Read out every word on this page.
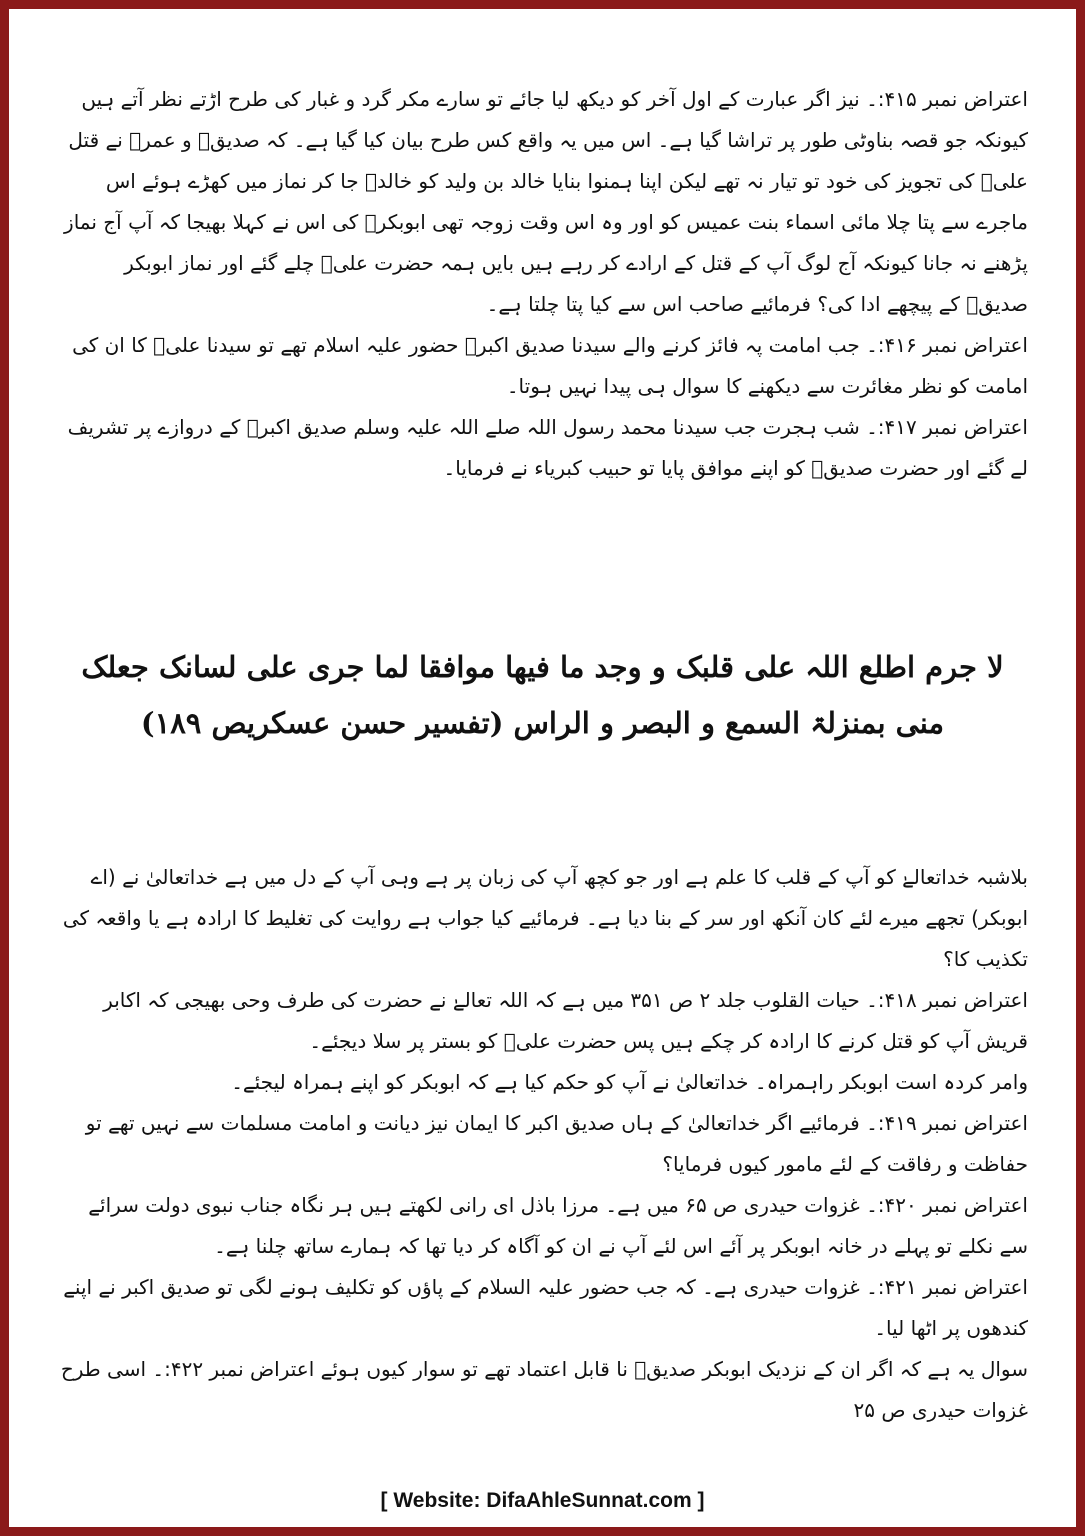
اعتراض نمبر ۴۱۵:۔ نیز اگر عبارت کے اول آخر کو دیکھ لیا جائے تو سارے مکر گرد و غبار کی طرح اڑتے نظر آتے ہیں کیونکہ جو قصہ بناوٹی طور پر تراشا گیا ہے۔ اس میں یہ واقع کس طرح بیان کیا گیا ہے۔ کہ صدیقؓ و عمرؓ نے قتل علیؓ کی تجویز کی خود تو تیار نہ تھے لیکن اپنا ہمنوا بنایا خالد بن ولید کو خالدؓ جا کر نماز میں کھڑے ہوئے اس ماجرے سے پتا چلا مائی اسماء بنت عمیس کو اور وہ اس وقت زوجہ تھی ابوبکرؓ کی اس نے کہلا بھیجا کہ آپ آج نماز پڑھنے نہ جانا کیونکہ آج لوگ آپ کے قتل کے ارادے کر رہے ہیں بایں ہمہ حضرت علیؓ چلے گئے اور نماز ابوبکر صدیقؓ کے پیچھے ادا کی؟ فرمائیے صاحب اس سے کیا پتا چلتا ہے۔

اعتراض نمبر ۴۱۶:۔ جب امامت پہ فائز کرنے والے سیدنا صدیق اکبرؓ حضور علیہ اسلام تھے تو سیدنا علیؓ کا ان کی امامت کو نظر مغائرت سے دیکھنے کا سوال ہی پیدا نہیں ہوتا۔

اعتراض نمبر ۴۱۷:۔ شب ہجرت جب سیدنا محمد رسول اللہ صلے اللہ علیہ وسلم صدیق اکبرؓ کے دروازے پر تشریف لے گئے اور حضرت صدیقؓ کو اپنے موافق پایا تو حبیب کبریاء نے فرمایا۔

لا جرم اطلع اللہ علی قلبک و وجد ما فیھا موافقا لما جری علی لسانک جعلک
منی بمنزلۃ السمع و البصر و الراس (تفسیر حسن عسکریص ۱۸۹)

بلاشبہ خداتعالےٰ کو آپ کے قلب کا علم ہے اور جو کچھ آپ کی زبان پر ہے وہی آپ کے دل میں ہے خداتعالیٰ نے (اے ابوبکر) تجھے میرے لئے کان آنکھ اور سر کے بنا دیا ہے۔ فرمائیے کیا جواب ہے روایت کی تغلیط کا ارادہ ہے یا واقعہ کی تکذیب کا؟

اعتراض نمبر ۴۱۸:۔ حیات القلوب جلد ۲ ص ۳۵۱ میں ہے کہ اللہ تعالےٰ نے حضرت کی طرف وحی بھیجی کہ اکابر قریش آپ کو قتل کرنے کا ارادہ کر چکے ہیں پس حضرت علیؓ کو بستر پر سلا دیجئے۔

وامر کردہ است ابوبکر راہمراہ۔ خداتعالیٰ نے آپ کو حکم کیا ہے کہ ابوبکر کو اپنے ہمراہ لیجئے۔

اعتراض نمبر ۴۱۹:۔ فرمائیے اگر خداتعالیٰ کے ہاں صدیق اکبر کا ایمان نیز دیانت و امامت مسلمات سے نہیں تھے تو حفاظت و رفاقت کے لئے مامور کیوں فرمایا؟

اعتراض نمبر ۴۲۰:۔ غزوات حیدری ص ۶۵ میں ہے۔ مرزا باذل ای رانی لکھتے ہیں ہر نگاہ جناب نبوی دولت سرائے سے نکلے تو پہلے در خانہ ابوبکر پر آئے اس لئے آپ نے ان کو آگاہ کر دیا تھا کہ ہمارے ساتھ چلنا ہے۔

اعتراض نمبر ۴۲۱:۔ غزوات حیدری ہے۔ کہ جب حضور علیہ السلام کے پاؤں کو تکلیف ہونے لگی تو صدیق اکبر نے اپنے کندھوں پر اٹھا لیا۔

سوال یہ ہے کہ اگر ان کے نزدیک ابوبکر صدیقؓ نا قابل اعتماد تھے تو سوار کیوں ہوئے اعتراض نمبر ۴۲۲:۔ اسی طرح غزوات حیدری ص ۲۵

[ Website: DifaAhleSunnat.com ]
